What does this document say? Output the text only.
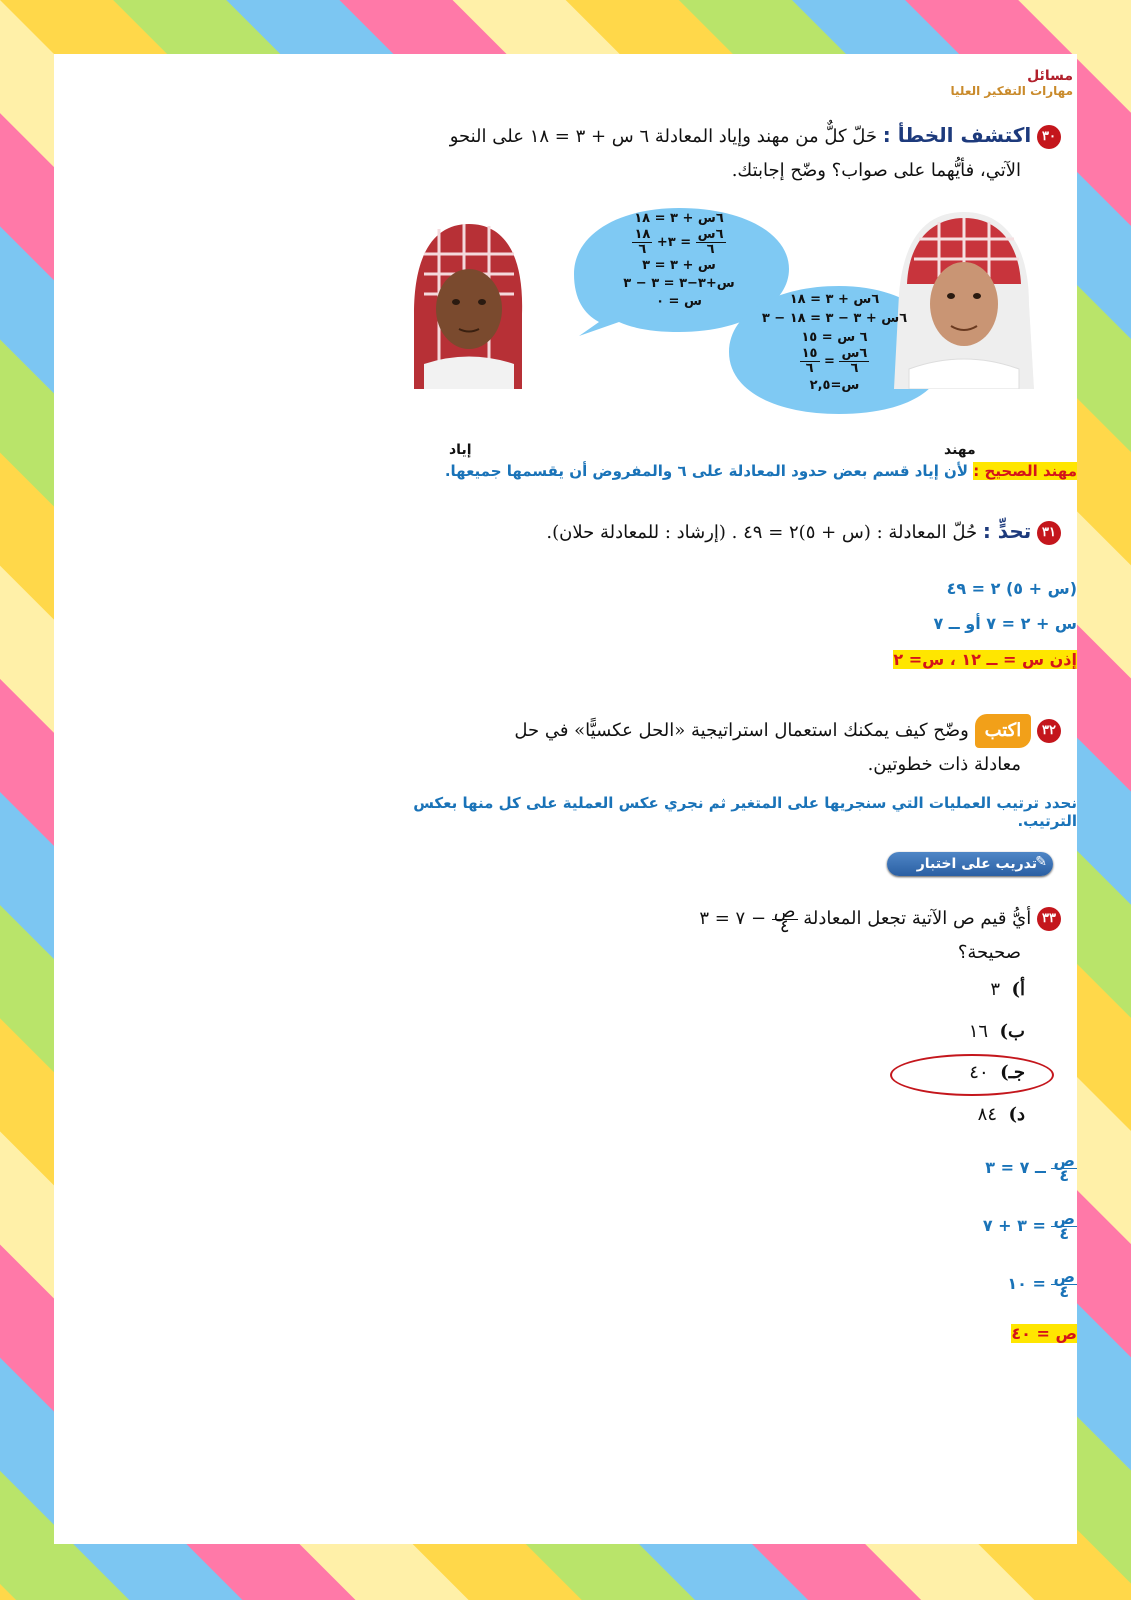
مسائل
مهارات التفكير العليا
٣٠ اكتشف الخطأ : حَلّ كلٌّ من مهند وإياد المعادلة ٦ س + ٣ = ١٨ على النحو
الآتي، فأيُّهما على صواب؟ وضّح إجابتك.
إياد	مهند
٦س + ٣ = ١٨
$\frac{\text{٦س}}{٦}$
= ٣+
$\frac{١٨}{٦}$
س + ٣ = ٣
س+٣−٣ = ٣ − ٣
س = ٠	٦س + ٣ = ١٨
٦س + ٣ − ٣ = ١٨ − ٣
٦ س = ١٥
$\frac{\text{٦س}}{٦}$
=
$\frac{١٥}{٦}$
س=٢,٥
مهند الصحيح : لأن إياد قسم بعض حدود المعادلة على ٦ والمفروض أن يقسمها جميعها.
٣١ تحدٍّ : حُلّ المعادلة : (س + ٥)٢ = ٤٩ . (إرشاد : للمعادلة حلان).
(س + ٥) ٢ = ٤٩
س + ٢ = ٧ أو ــ ٧
إذن س = ــ ١٢ ، س= ٢
٣٢ اكتب وضّح كيف يمكنك استعمال استراتيجية «الحل عكسيًّا» في حل
معادلة ذات خطوتين.
نحدد ترتيب العمليات التي سنجريها على المتغير ثم نجري عكس العملية على كل منها بعكس الترتيب.
✎
تدريب على اختبار
٣٣ أيُّ قيم ص الآتية تجعل المعادلة
$\frac{\text{ص}}{٤}$
− ٧ = ٣
صحيحة؟
أ)  ٣
ب)  ١٦
جـ)  ٤٠
د)  ٨٤
$\frac{\text{ص}}{٤}$
ــ ٧ = ٣
$\frac{\text{ص}}{٤}$
= ٣ + ٧
$\frac{\text{ص}}{٤}$
= ١٠
ص = ٤٠
